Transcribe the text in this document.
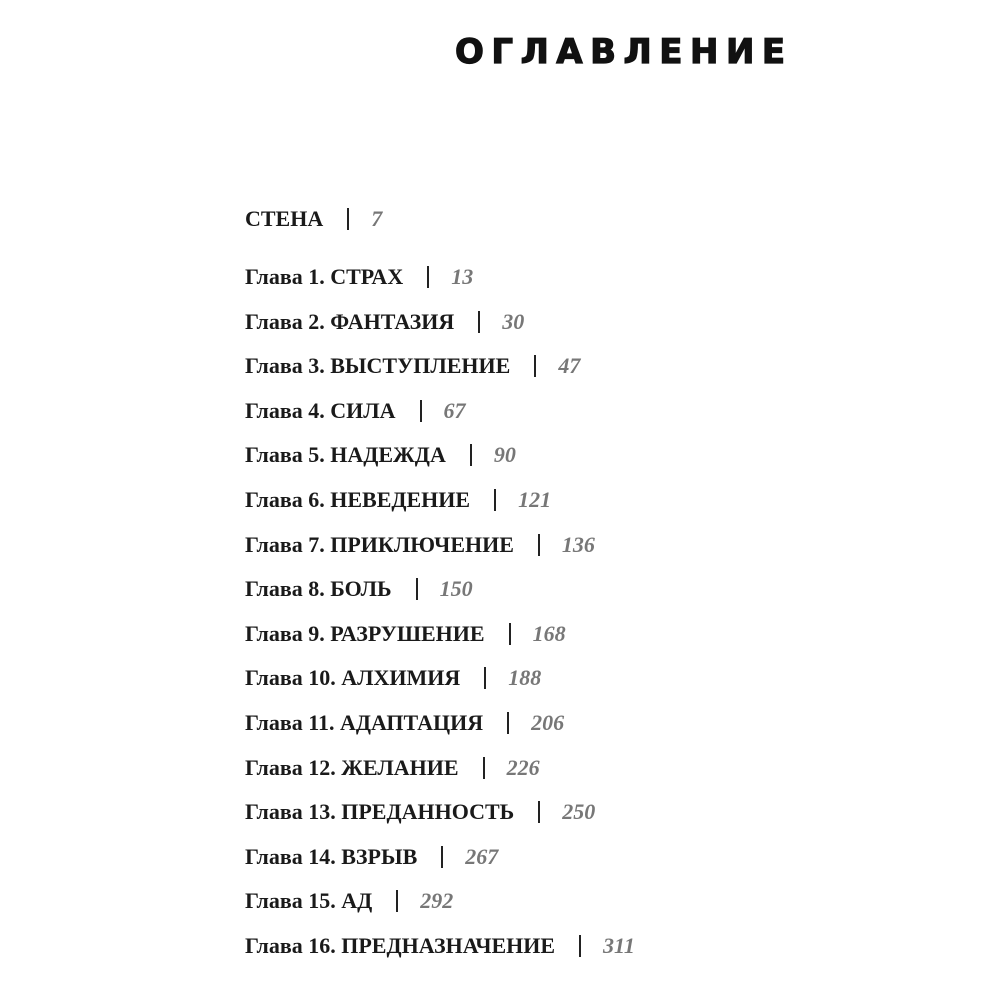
ОГЛАВЛЕНИЕ
СТЕНА 7
Глава 1. СТРАХ 13
Глава 2. ФАНТАЗИЯ 30
Глава 3. ВЫСТУПЛЕНИЕ 47
Глава 4. СИЛА 67
Глава 5. НАДЕЖДА 90
Глава 6. НЕВЕДЕНИЕ 121
Глава 7. ПРИКЛЮЧЕНИЕ 136
Глава 8. БОЛЬ 150
Глава 9. РАЗРУШЕНИЕ 168
Глава 10. АЛХИМИЯ 188
Глава 11. АДАПТАЦИЯ 206
Глава 12. ЖЕЛАНИЕ 226
Глава 13. ПРЕДАННОСТЬ 250
Глава 14. ВЗРЫВ 267
Глава 15. АД 292
Глава 16. ПРЕДНАЗНАЧЕНИЕ 311
